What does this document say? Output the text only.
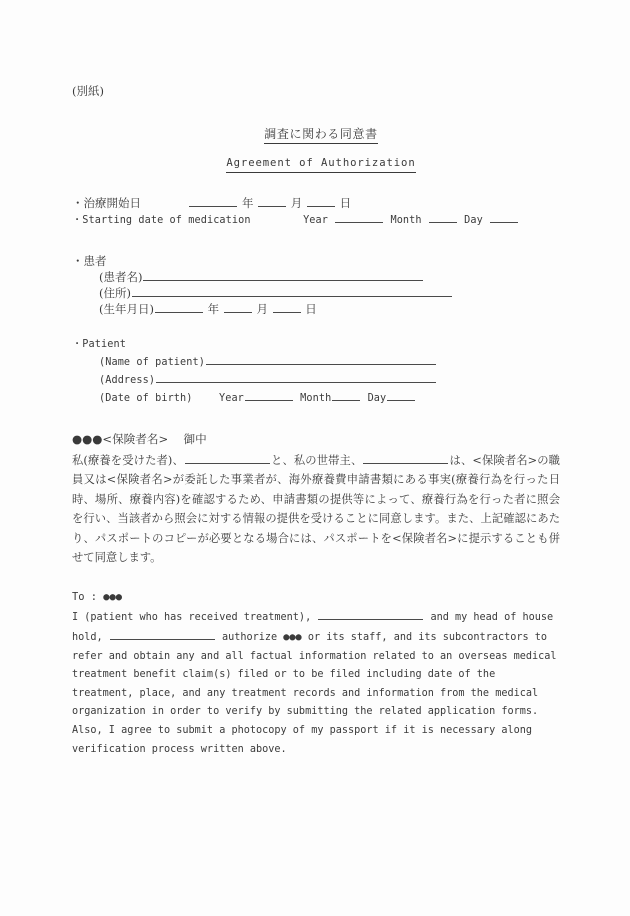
(別紙)
調査に関わる同意書
Agreement of Authorization
・治療開始日	年	月	日
・Starting date of medication	Year	Month	Day
・患者
(患者名)
(住所)
(生年月日)	年	月	日
・Patient
(Name of patient)
(Address)
(Date of birth)	Year	Month	Day
●●●<保険者名> 御中
私(療養を受けた者)、	と、私の世帯主、	は、<保険者名>の職員又は<保険者名>が委託した事業者が、海外療養費申請書類にある事実(療養行為を行った日時、場所、療養内容)を確認するため、申請書類の提供等によって、療養行為を行った者に照会を行い、当該者から照会に対する情報の提供を受けることに同意します。また、上記確認にあたり、パスポートのコピーが必要となる場合には、パスポートを<保険者名>に提示することも併せて同意します。
To : ●●●
I (patient who has received treatment),	and my head of house hold,	authorize ●●● or its staff, and its subcontractors to refer and obtain any and all factual information related to an overseas medical treatment benefit claim(s) filed or to be filed including date of the treatment, place, and any treatment records and information from the medical organization in order to verify by submitting the related application forms.
Also, I agree to submit a photocopy of my passport if it is necessary along verification process written above.
